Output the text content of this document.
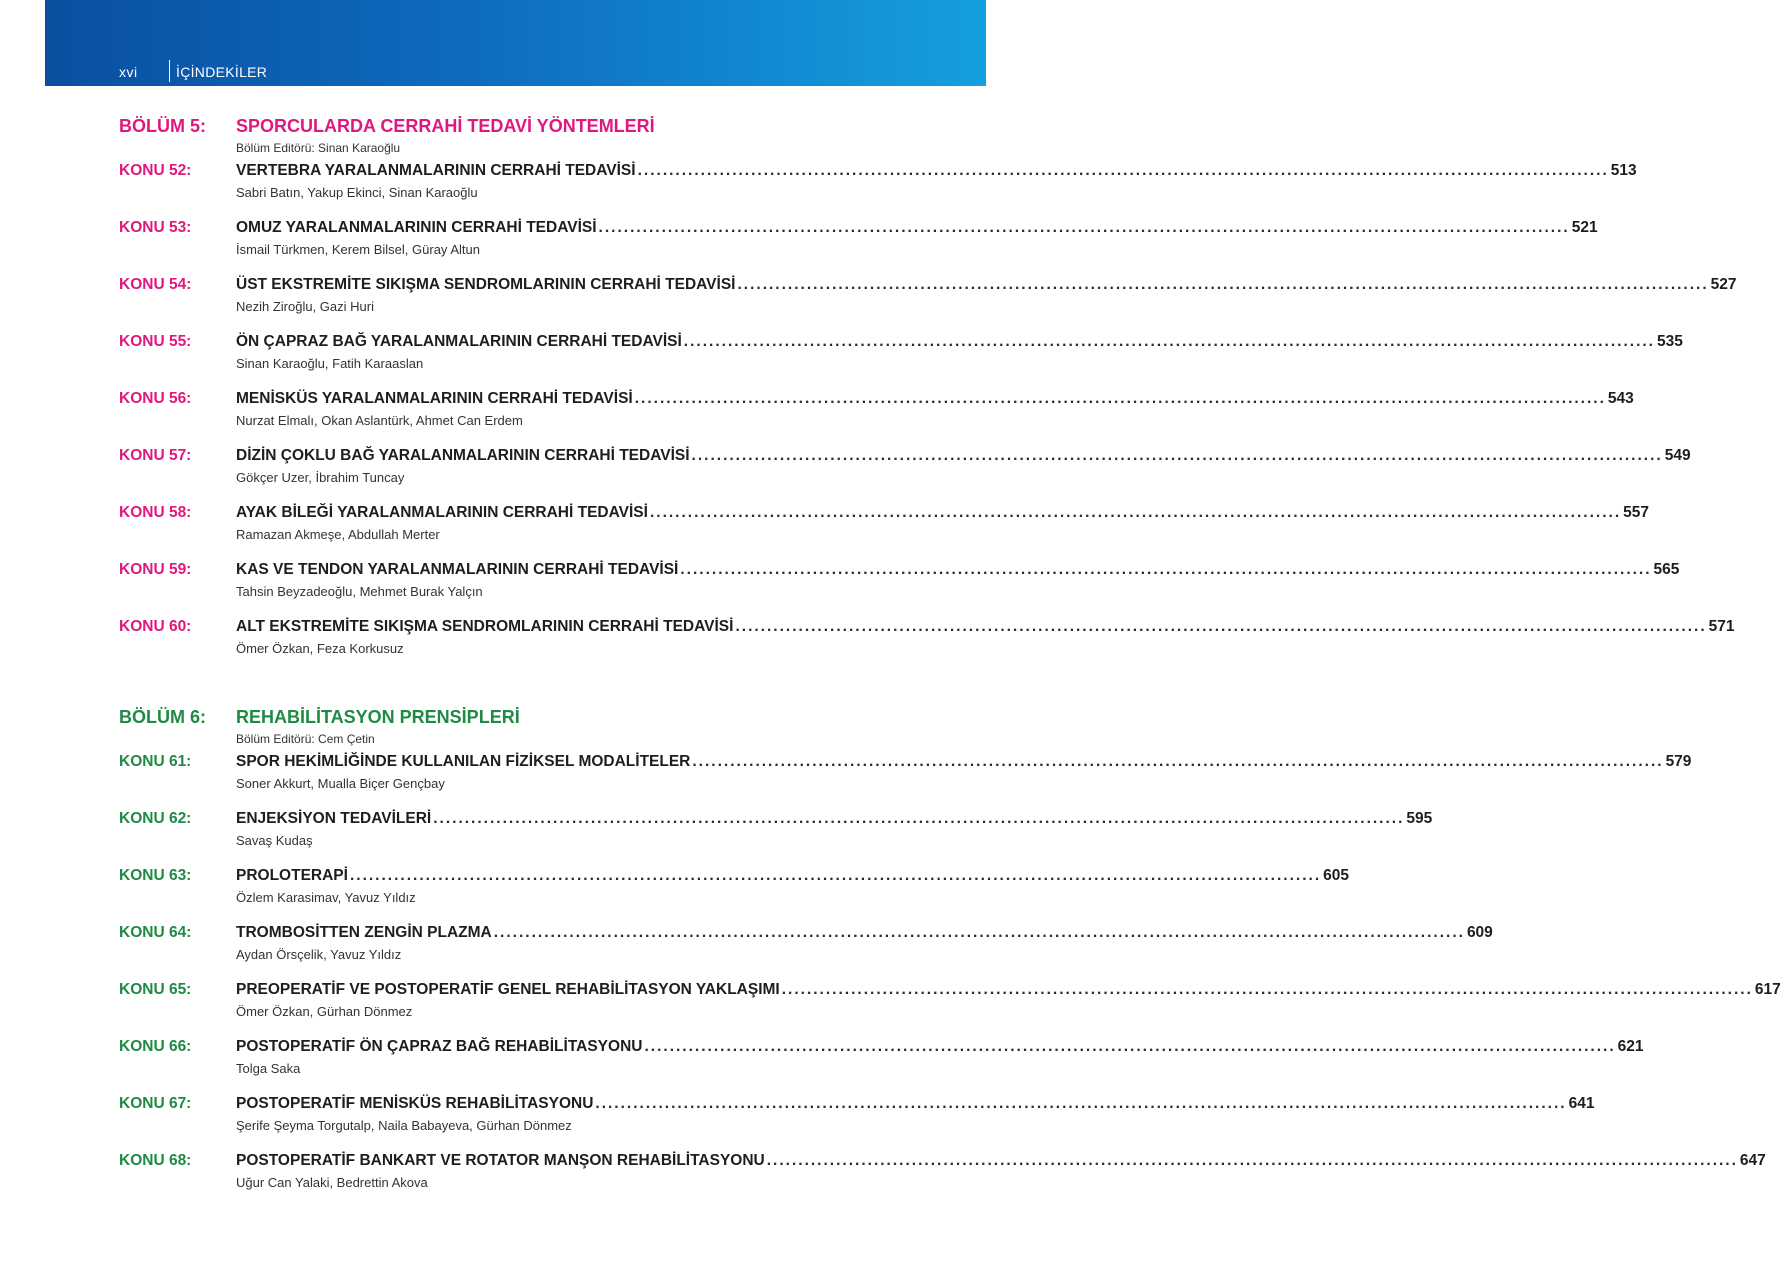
xvi	İÇİNDEKİLER
BÖLÜM 5: SPORCULARDA CERRAHİ TEDAVİ YÖNTEMLERİ
Bölüm Editörü: Sinan Karaoğlu
KONU 52:	VERTEBRA YARALANMALARININ CERRAHİ TEDAVİSİ .......................................................................................................................................................... 513
Sabri Batın, Yakup Ekinci, Sinan Karaoğlu
KONU 53:	OMUZ YARALANMALARININ CERRAHİ TEDAVİSİ .......................................................................................................................................................... 521
İsmail Türkmen, Kerem Bilsel, Güray Altun
KONU 54:	ÜST EKSTREMİTE SIKIŞMA SENDROMLARININ CERRAHİ TEDAVİSİ .......................................................................................................................................................... 527
Nezih Ziroğlu, Gazi Huri
KONU 55:	ÖN ÇAPRAZ BAĞ YARALANMALARININ CERRAHİ TEDAVİSİ .......................................................................................................................................................... 535
Sinan Karaoğlu, Fatih Karaaslan
KONU 56:	MENİSKÜS YARALANMALARININ CERRAHİ TEDAVİSİ .......................................................................................................................................................... 543
Nurzat Elmalı, Okan Aslantürk, Ahmet Can Erdem
KONU 57:	DİZİN ÇOKLU BAĞ YARALANMALARININ CERRAHİ TEDAVİSİ .......................................................................................................................................................... 549
Gökçer Uzer, İbrahim Tuncay
KONU 58:	AYAK BİLEĞİ YARALANMALARININ CERRAHİ TEDAVİSİ .......................................................................................................................................................... 557
Ramazan Akmeşe, Abdullah Merter
KONU 59:	KAS VE TENDON YARALANMALARININ CERRAHİ TEDAVİSİ .......................................................................................................................................................... 565
Tahsin Beyzadeoğlu, Mehmet Burak Yalçın
KONU 60:	ALT EKSTREMİTE SIKIŞMA SENDROMLARININ CERRAHİ TEDAVİSİ .......................................................................................................................................................... 571
Ömer Özkan, Feza Korkusuz
BÖLÜM 6: REHABİLİTASYON PRENSİPLERİ
Bölüm Editörü: Cem Çetin
KONU 61:	SPOR HEKİMLİĞİNDE KULLANILAN FİZİKSEL MODALİTELER .......................................................................................................................................................... 579
Soner Akkurt, Mualla Biçer Gençbay
KONU 62:	ENJEKSİYON TEDAVİLERİ .......................................................................................................................................................... 595
Savaş Kudaş
KONU 63:	PROLOTERAPİ .......................................................................................................................................................... 605
Özlem Karasimav, Yavuz Yıldız
KONU 64:	TROMBOSİTTEN ZENGİN PLAZMA .......................................................................................................................................................... 609
Aydan Örsçelik, Yavuz Yıldız
KONU 65:	PREOPERATİF VE POSTOPERATİF GENEL REHABİLİTASYON YAKLAŞIMI .......................................................................................................................................................... 617
Ömer Özkan, Gürhan Dönmez
KONU 66:	POSTOPERATİF ÖN ÇAPRAZ BAĞ REHABİLİTASYONU .......................................................................................................................................................... 621
Tolga Saka
KONU 67:	POSTOPERATİF MENİSKÜS REHABİLİTASYONU .......................................................................................................................................................... 641
Şerife Şeyma Torgutalp, Naila Babayeva, Gürhan Dönmez
KONU 68:	POSTOPERATİF BANKART VE ROTATOR MANŞON REHABİLİTASYONU .......................................................................................................................................................... 647
Uğur Can Yalaki, Bedrettin Akova
